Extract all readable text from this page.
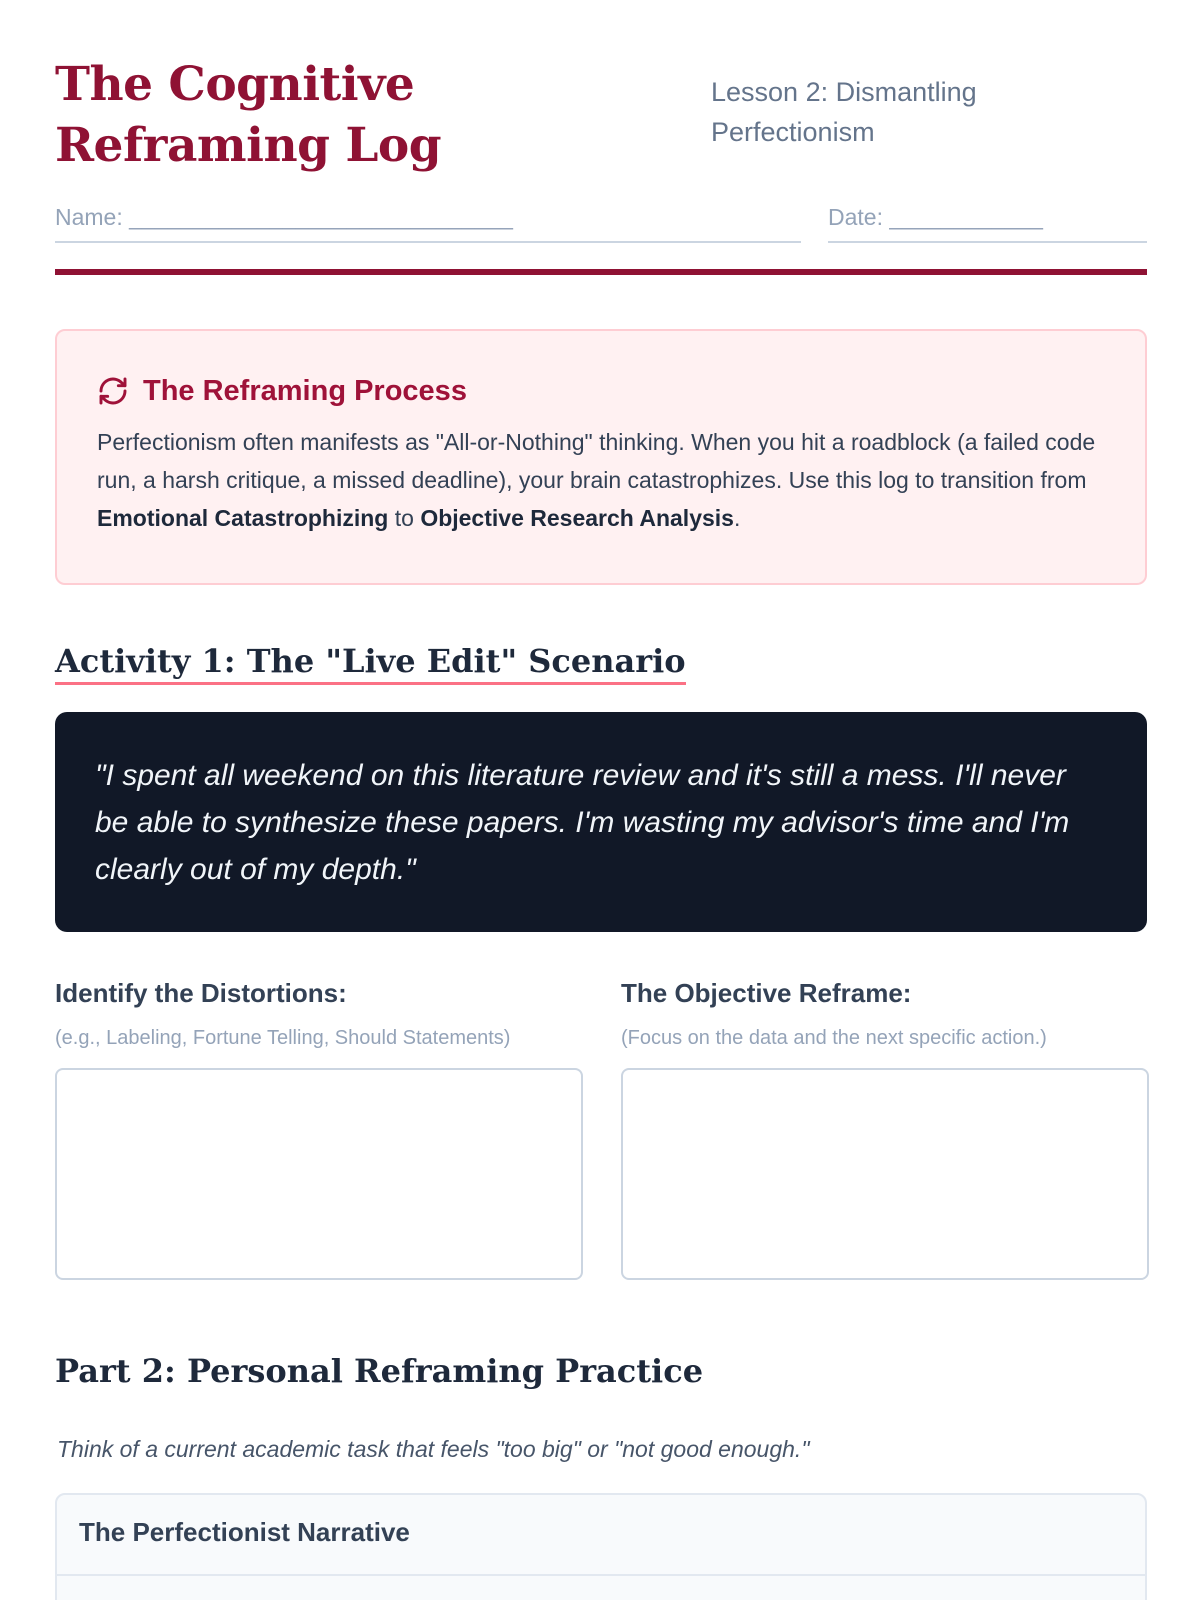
The Cognitive Reframing Log
Lesson 2: Dismantling Perfectionism
Name: ______________________________	Date: ____________
The Reframing Process

Perfectionism often manifests as "All-or-Nothing" thinking. When you hit a roadblock (a failed code run, a harsh critique, a missed deadline), your brain catastrophizes. Use this log to transition from Emotional Catastrophizing to Objective Research Analysis.

Activity 1: The "Live Edit" Scenario
"I spent all weekend on this literature review and it's still a mess. I'll never be able to synthesize these papers. I'm wasting my advisor's time and I'm clearly out of my depth."
Identify the Distortions:
(e.g., Labeling, Fortune Telling, Should Statements)
The Objective Reframe:
(Focus on the data and the next specific action.)
Part 2: Personal Reframing Practice

Think of a current academic task that feels "too big" or "not good enough."

The Perfectionist Narrative
